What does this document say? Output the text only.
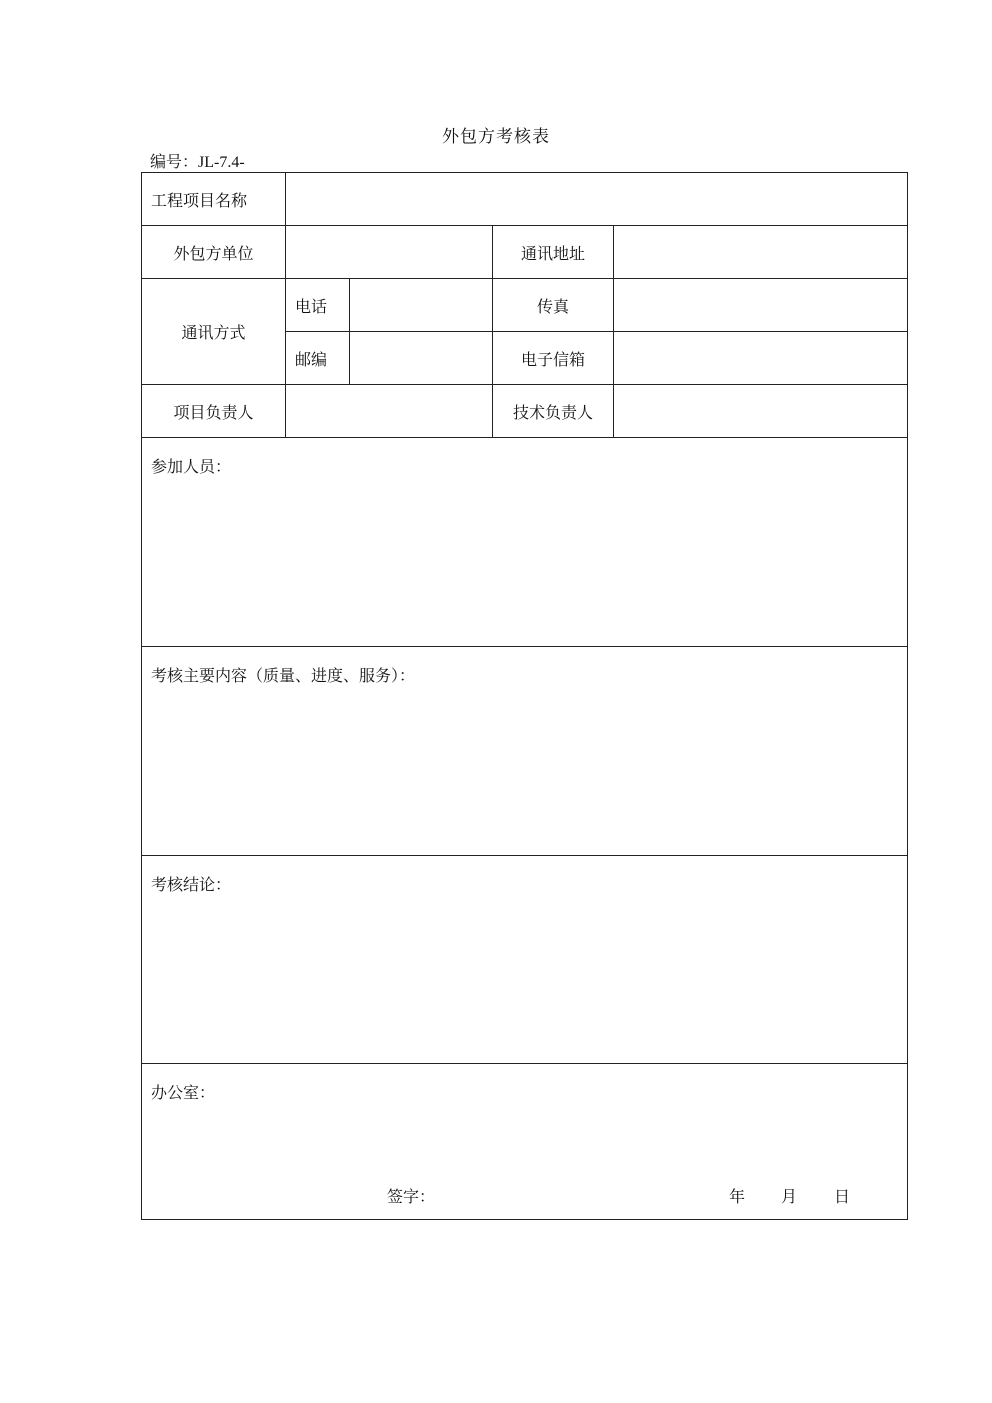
外包方考核表
编号：JL-7.4-
工程项目名称				
外包方单位			通讯地址	
通讯方式	电话		传真	
	邮编		电子信箱	
项目负责人			技术负责人	
参加人员：				
考核主要内容（质量、进度、服务）：				
考核结论：				

办公室：
签字： 年 月 日				
